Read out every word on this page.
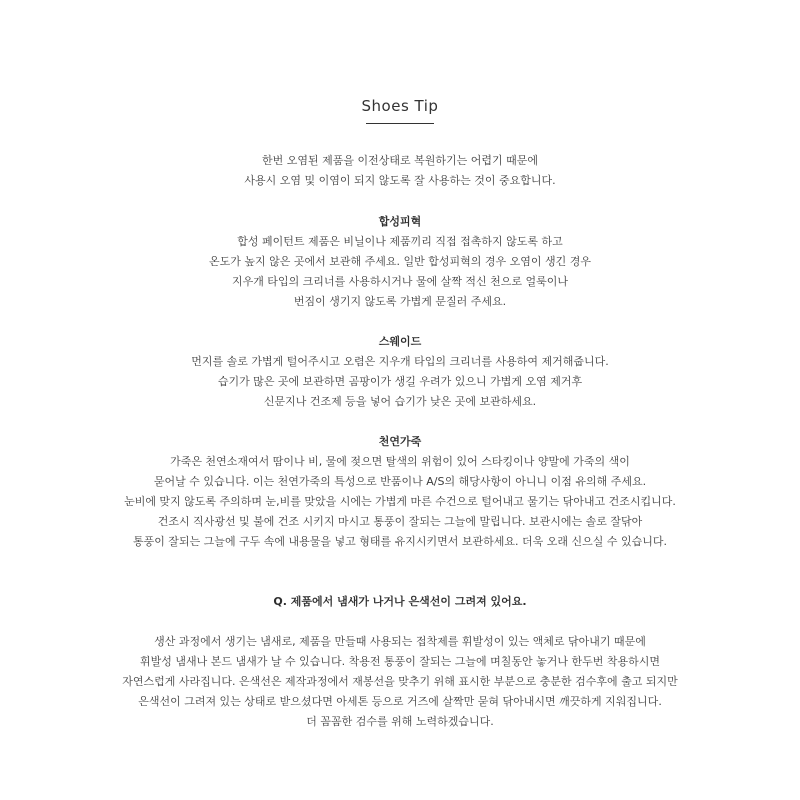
Shoes Tip
한번 오염된 제품을 이전상태로 복원하기는 어렵기 때문에
사용시 오염 및 이염이 되지 않도록 잘 사용하는 것이 중요합니다.
합성피혁
합성 페이턴트 제품은 비닐이나 제품끼리 직접 접촉하지 않도록 하고
온도가 높지 않은 곳에서 보관해 주세요. 일반 합성피혁의 경우 오염이 생긴 경우
지우개 타입의 크리너를 사용하시거나 물에 살짝 적신 천으로 얼룩이나
번짐이 생기지 않도록 가볍게 문질러 주세요.
스웨이드
먼지를 솔로 가볍게 털어주시고 오렴은 지우개 타입의 크리너를 사용하여 제거해줍니다.
습기가 많은 곳에 보관하면 곰팡이가 생길 우려가 있으니 가볍게 오염 제거후
신문지나 건조제 등을 넣어 습기가 낮은 곳에 보관하세요.
천연가죽
가죽은 천연소재여서 땀이나 비, 물에 젖으면 탈색의 위험이 있어 스타킹이나 양말에 가죽의 색이
묻어날 수 있습니다. 이는 천연가죽의 특성으로 반품이나 A/S의 해당사항이 아니니 이점 유의해 주세요.
눈비에 맞지 않도록 주의하며 눈,비를 맞았을 시에는 가볍게 마른 수건으로 털어내고 물기는 닦아내고 건조시킵니다.
건조시 직사광선 및 불에 건조 시키지 마시고 통풍이 잘되는 그늘에 말립니다. 보관시에는 솔로 잘닦아
통풍이 잘되는 그늘에 구두 속에 내용물을 넣고 형태를 유지시키면서 보관하세요. 더욱 오래 신으실 수 있습니다.
Q. 제품에서 냄새가 나거나 은색선이 그려져 있어요.
생산 과정에서 생기는 냄새로, 제품을 만들때 사용되는 접착제를 휘발성이 있는 액체로 닦아내기 때문에
휘발성 냄새나 본드 냄새가 날 수 있습니다. 착용전 통풍이 잘되는 그늘에 며칠동안 놓거나 한두번 착용하시면
자연스럽게 사라집니다. 은색선은 제작과정에서 재봉선을 맞추기 위해 표시한 부분으로 충분한 검수후에 출고 되지만
은색선이 그려져 있는 상태로 받으셨다면 아세톤 등으로 거즈에 살짝만 묻혀 닦아내시면 깨끗하게 지워집니다.
더 꼼꼼한 검수를 위해 노력하겠습니다.
